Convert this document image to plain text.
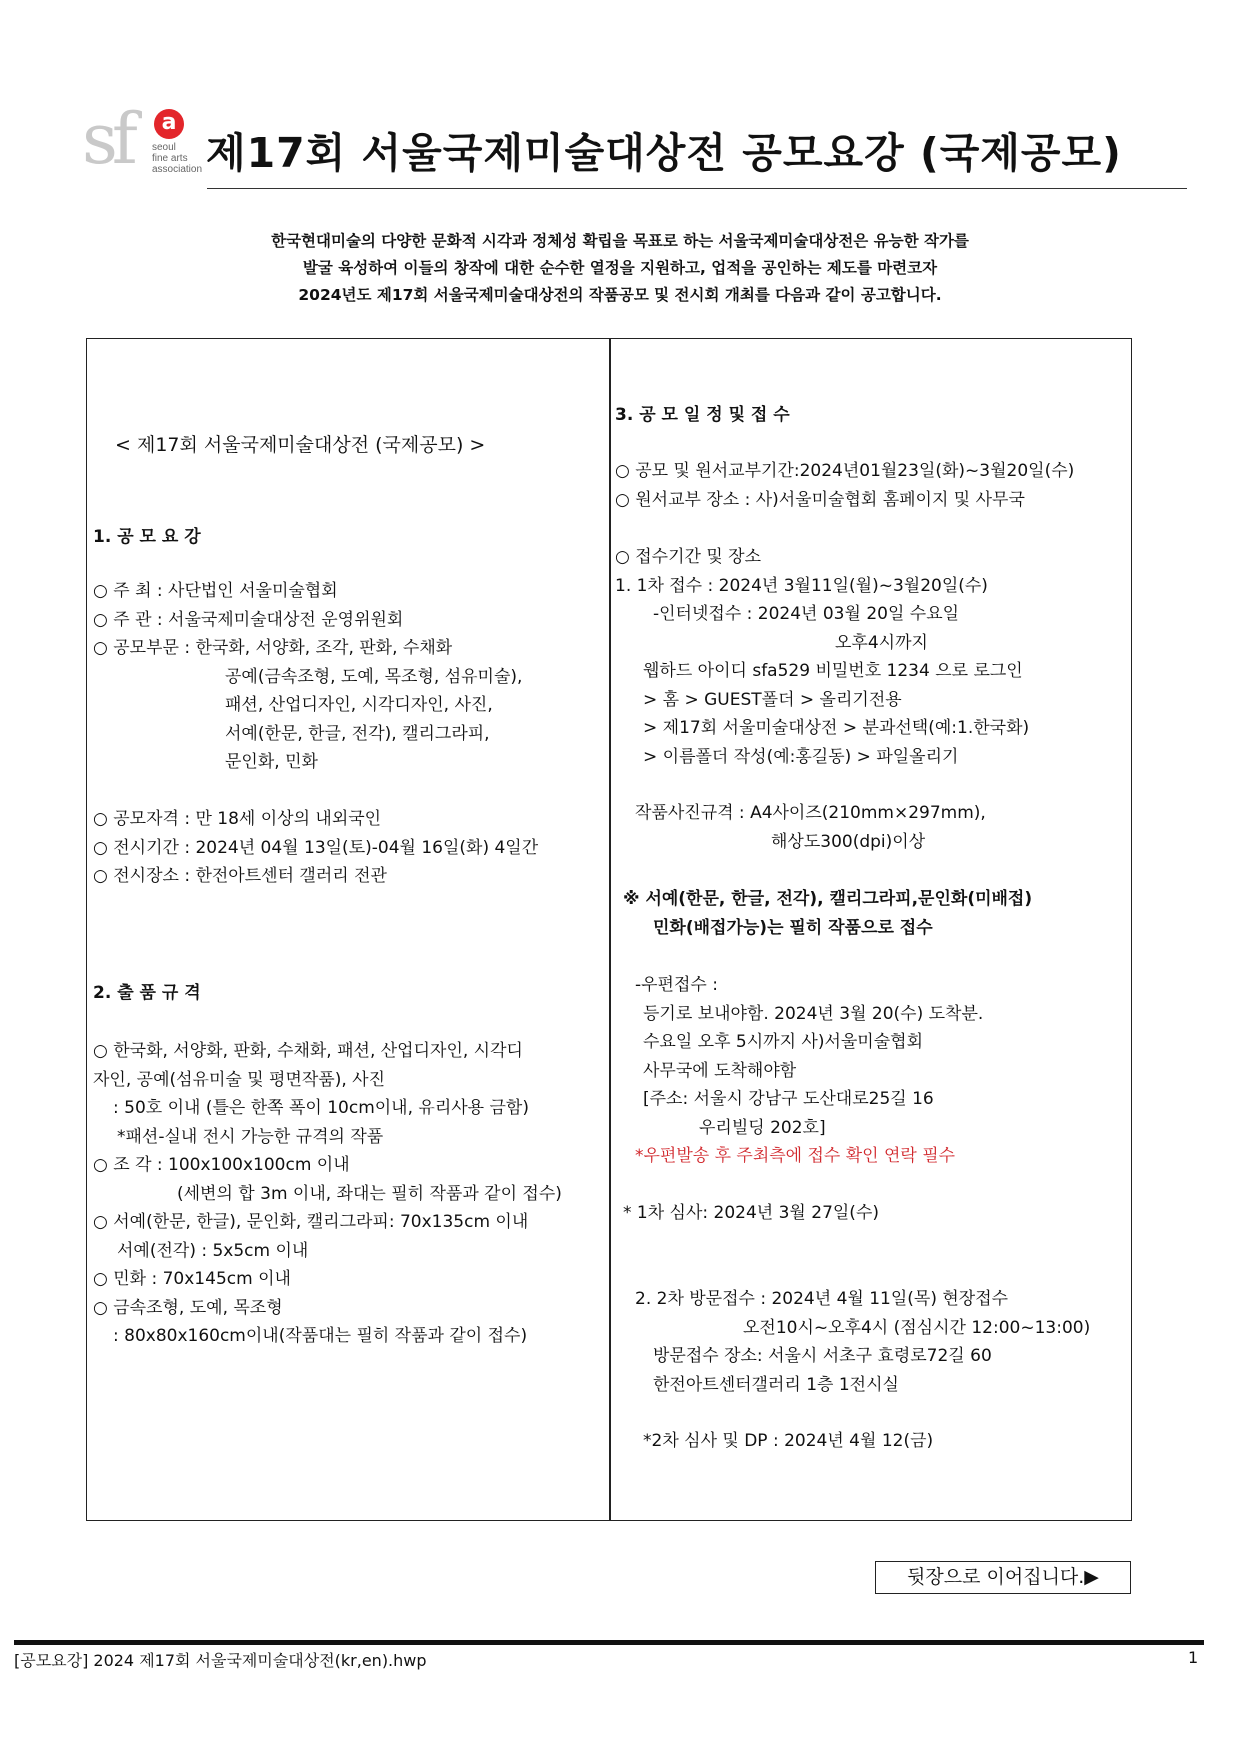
sf	a
seoul
fine arts
association 제17회 서울국제미술대상전 공모요강 (국제공모)
한국현대미술의 다양한 문화적 시각과 정체성 확립을 목표로 하는 서울국제미술대상전은 유능한 작가를
발굴 육성하여 이들의 창작에 대한 순수한 열정을 지원하고, 업적을 공인하는 제도를 마련코자
2024년도 제17회 서울국제미술대상전의 작품공모 및 전시회 개최를 다음과 같이 공고합니다.
< 제17회 서울국제미술대상전 (국제공모) >
1. 공 모 요 강
○ 주 최 : 사단법인 서울미술협회
○ 주 관 : 서울국제미술대상전 운영위원회
○ 공모부문 : 한국화, 서양화, 조각, 판화, 수채화
공예(금속조형, 도예, 목조형, 섬유미술),
패션, 산업디자인, 시각디자인, 사진,
서예(한문, 한글, 전각), 캘리그라피,
문인화, 민화
○ 공모자격 : 만 18세 이상의 내외국인
○ 전시기간 : 2024년 04월 13일(토)-04월 16일(화) 4일간
○ 전시장소 : 한전아트센터 갤러리 전관
2. 출 품 규 격
○ 한국화, 서양화, 판화, 수채화, 패션, 산업디자인, 시각디
자인, 공예(섬유미술 및 평면작품), 사진
: 50호 이내 (틀은 한쪽 폭이 10cm이내, 유리사용 금함)
*패션-실내 전시 가능한 규격의 작품
○ 조 각 : 100x100x100cm 이내
(세변의 합 3m 이내, 좌대는 필히 작품과 같이 접수)
○ 서예(한문, 한글), 문인화, 캘리그라피: 70x135cm 이내
서예(전각) : 5x5cm 이내
○ 민화 : 70x145cm 이내
○ 금속조형, 도예, 목조형
: 80x80x160cm이내(작품대는 필히 작품과 같이 접수)
3. 공 모 일 정 및 접 수
○ 공모 및 원서교부기간:2024년01월23일(화)~3월20일(수)
○ 원서교부 장소 : 사)서울미술협회 홈페이지 및 사무국
○ 접수기간 및 장소
1. 1차 접수 : 2024년 3월11일(월)~3월20일(수)
-인터넷접수 : 2024년 03월 20일 수요일
오후4시까지
웹하드 아이디 sfa529 비밀번호 1234 으로 로그인
> 홈 > GUEST폴더 > 올리기전용
> 제17회 서울미술대상전 > 분과선택(예:1.한국화)
> 이름폴더 작성(예:홍길동) > 파일올리기
작품사진규격 : A4사이즈(210mm×297mm),
해상도300(dpi)이상
※ 서예(한문, 한글, 전각), 캘리그라피,문인화(미배접)
민화(배접가능)는 필히 작품으로 접수
-우편접수 :
등기로 보내야함. 2024년 3월 20(수) 도착분.
수요일 오후 5시까지 사)서울미술협회
사무국에 도착해야함
[주소: 서울시 강남구 도산대로25길 16
우리빌딩 202호]
*우편발송 후 주최측에 접수 확인 연락 필수
* 1차 심사: 2024년 3월 27일(수)
2. 2차 방문접수 : 2024년 4월 11일(목) 현장접수
오전10시~오후4시 (점심시간 12:00~13:00)
방문접수 장소: 서울시 서초구 효령로72길 60
한전아트센터갤러리 1층 1전시실
*2차 심사 및 DP : 2024년 4월 12(금)
뒷장으로 이어집니다.▶
[공모요강] 2024 제17회 서울국제미술대상전(kr,en).hwp	1
